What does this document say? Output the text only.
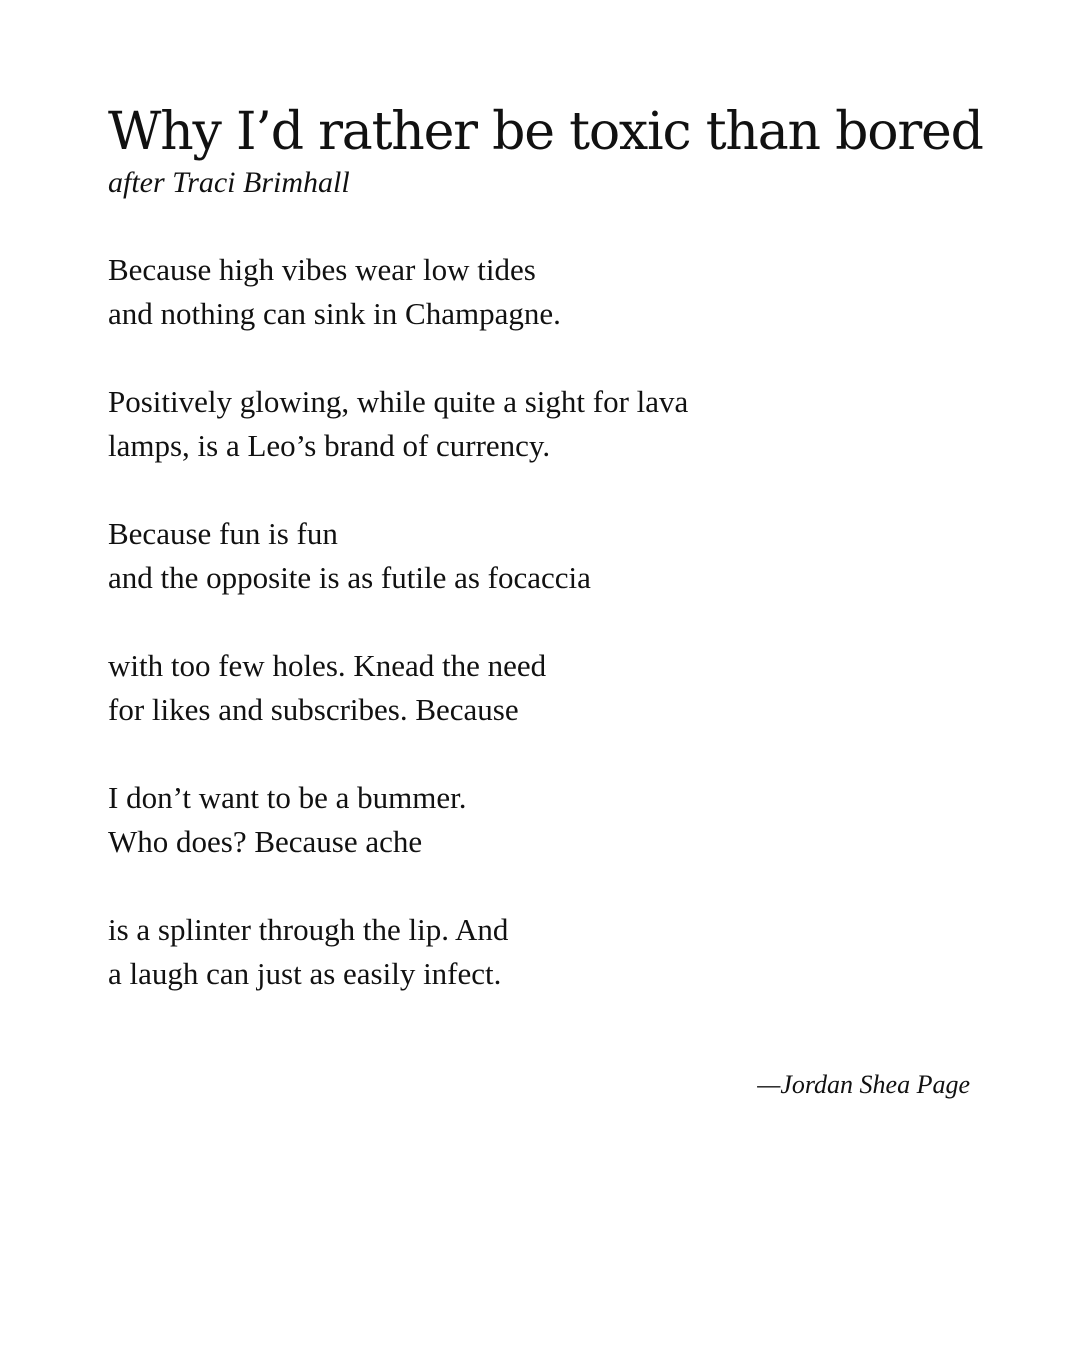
Why I’d rather be toxic than bored

after Traci Brimhall

Because high vibes wear low tides
and nothing can sink in Champagne.
Positively glowing, while quite a sight for lava
lamps, is a Leo’s brand of currency.
Because fun is fun
and the opposite is as futile as focaccia
with too few holes. Knead the need
for likes and subscribes. Because
I don’t want to be a bummer.
Who does? Because ache
is a splinter through the lip. And
a laugh can just as easily infect.

—Jordan Shea Page
